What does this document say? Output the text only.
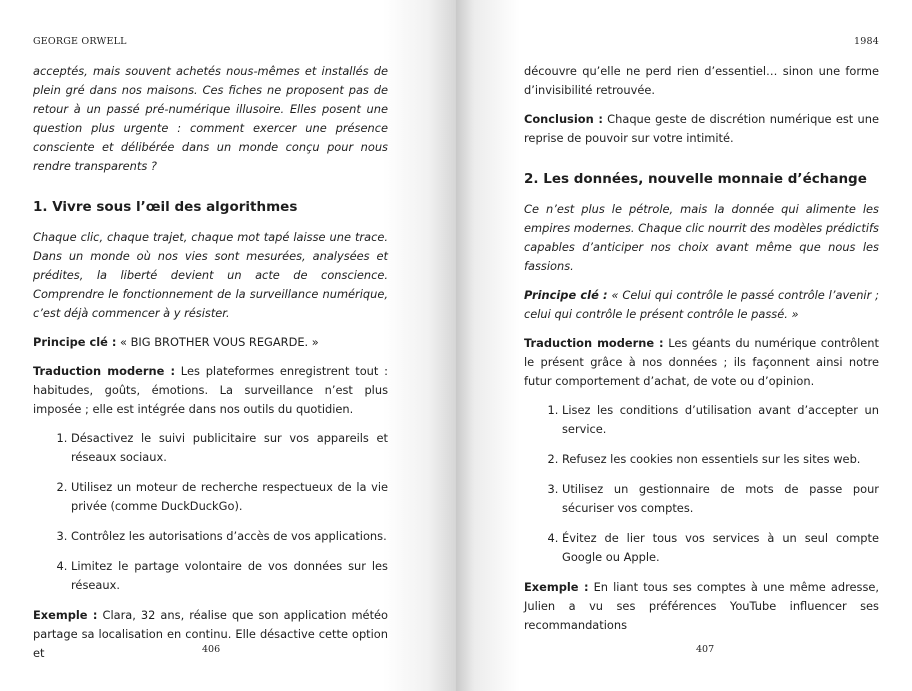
GEORGE ORWELL

acceptés, mais souvent achetés nous-mêmes et installés de plein gré dans nos maisons. Ces fiches ne proposent pas de retour à un passé pré-numérique illusoire. Elles posent une question plus urgente : comment exercer une présence consciente et délibérée dans un monde conçu pour nous rendre transparents ?

1. Vivre sous l’œil des algorithmes

Chaque clic, chaque trajet, chaque mot tapé laisse une trace. Dans un monde où nos vies sont mesurées, analysées et prédites, la liberté devient un acte de conscience. Comprendre le fonctionnement de la surveillance numérique, c’est déjà commencer à y résister.

Principe clé : « BIG BROTHER VOUS REGARDE. »

Traduction moderne : Les plateformes enregistrent tout : habitudes, goûts, émotions. La surveillance n’est plus imposée ; elle est intégrée dans nos outils du quotidien.

1. Désactivez le suivi publicitaire sur vos appareils et réseaux sociaux.
2. Utilisez un moteur de recherche respectueux de la vie privée (comme DuckDuckGo).
3. Contrôlez les autorisations d’accès de vos applications.
4. Limitez le partage volontaire de vos données sur les réseaux.

Exemple : Clara, 32 ans, réalise que son application météo partage sa localisation en continu. Elle désactive cette option et	406
1984

découvre qu’elle ne perd rien d’essentiel… sinon une forme d’invisibilité retrouvée.

Conclusion : Chaque geste de discrétion numérique est une reprise de pouvoir sur votre intimité.

2. Les données, nouvelle monnaie d’échange

Ce n’est plus le pétrole, mais la donnée qui alimente les empires modernes. Chaque clic nourrit des modèles prédictifs capables d’anticiper nos choix avant même que nous les fassions.

Principe clé : « Celui qui contrôle le passé contrôle l’avenir ; celui qui contrôle le présent contrôle le passé. »

Traduction moderne : Les géants du numérique contrôlent le présent grâce à nos données ; ils façonnent ainsi notre futur comportement d’achat, de vote ou d’opinion.

1. Lisez les conditions d’utilisation avant d’accepter un service.
2. Refusez les cookies non essentiels sur les sites web.
3. Utilisez un gestionnaire de mots de passe pour sécuriser vos comptes.
4. Évitez de lier tous vos services à un seul compte Google ou Apple.

Exemple : En liant tous ses comptes à une même adresse, Julien a vu ses préférences YouTube influencer ses recommandations

407
